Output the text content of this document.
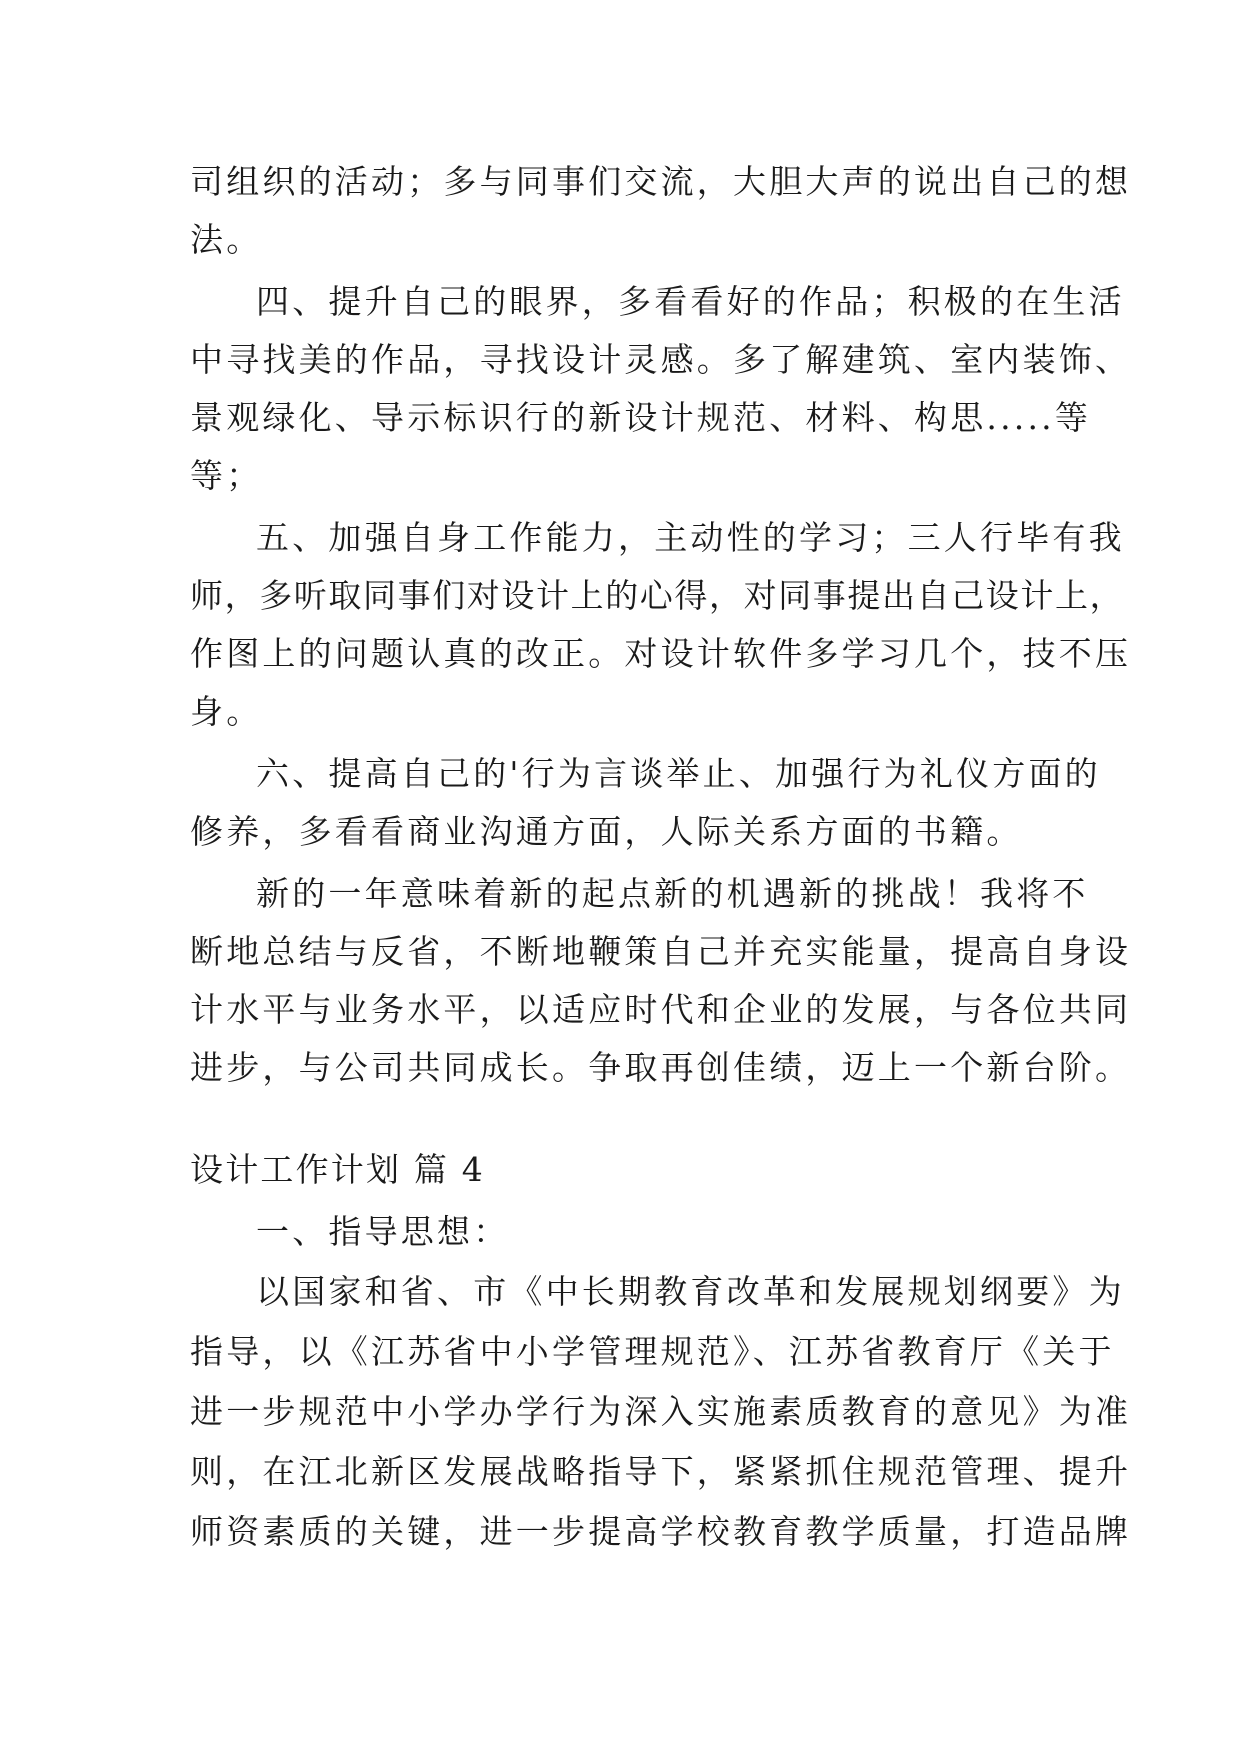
司组织的活动；多与同事们交流，大胆大声的说出自己的想
法。
四、提升自己的眼界，多看看好的作品；积极的在生活
中寻找美的作品，寻找设计灵感。多了解建筑、室内装饰、
景观绿化、导示标识行的新设计规范、材料、构思.....等
等；
五、加强自身工作能力，主动性的学习；三人行毕有我
师，多听取同事们对设计上的心得，对同事提出自己设计上，
作图上的问题认真的改正。对设计软件多学习几个，技不压
身。
六、提高自己的'行为言谈举止、加强行为礼仪方面的
修养，多看看商业沟通方面，人际关系方面的书籍。
新的一年意味着新的起点新的机遇新的挑战！我将不
断地总结与反省，不断地鞭策自己并充实能量，提高自身设
计水平与业务水平，以适应时代和企业的发展，与各位共同
进步，与公司共同成长。争取再创佳绩，迈上一个新台阶。
设计工作计划 篇 4
一、指导思想：
以国家和省、市《中长期教育改革和发展规划纲要》为
指导，以《江苏省中小学管理规范》、江苏省教育厅《关于
进一步规范中小学办学行为深入实施素质教育的意见》为准
则，在江北新区发展战略指导下，紧紧抓住规范管理、提升
师资素质的关键，进一步提高学校教育教学质量，打造品牌
